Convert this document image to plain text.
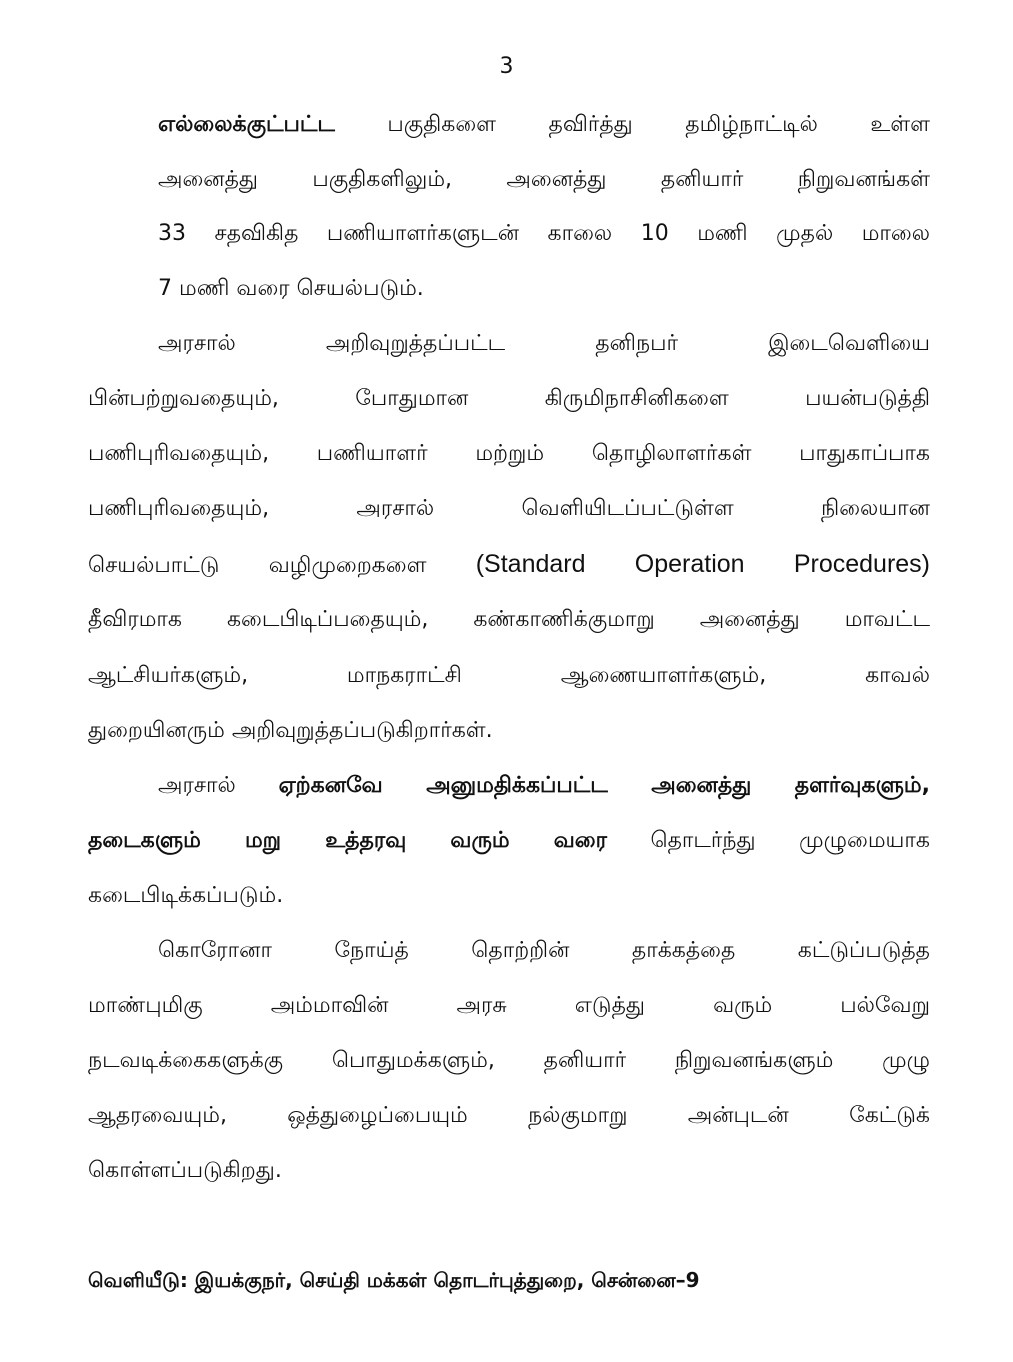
3
எல்லைக்குட்பட்ட பகுதிகளை தவிர்த்து தமிழ்நாட்டில் உள்ள
அனைத்து பகுதிகளிலும், அனைத்து தனியார் நிறுவனங்கள்
33 சதவிகித பணியாளர்களுடன் காலை 10 மணி முதல் மாலை
7 மணி வரை செயல்படும்.
அரசால் அறிவுறுத்தப்பட்ட தனிநபர் இடைவெளியை
பின்பற்றுவதையும், போதுமான கிருமிநாசினிகளை பயன்படுத்தி
பணிபுரிவதையும், பணியாளர் மற்றும் தொழிலாளர்கள் பாதுகாப்பாக
பணிபுரிவதையும், அரசால் வெளியிடப்பட்டுள்ள நிலையான
செயல்பாட்டு வழிமுறைகளை (Standard Operation Procedures)
தீவிரமாக கடைபிடிப்பதையும், கண்காணிக்குமாறு அனைத்து மாவட்ட
ஆட்சியர்களும், மாநகராட்சி ஆணையாளர்களும், காவல்
துறையினரும் அறிவுறுத்தப்படுகிறார்கள்.
அரசால் ஏற்கனவே அனுமதிக்கப்பட்ட அனைத்து தளர்வுகளும்,
தடைகளும் மறு உத்தரவு வரும் வரை தொடர்ந்து முழுமையாக
கடைபிடிக்கப்படும்.
கொரோனா நோய்த் தொற்றின் தாக்கத்தை கட்டுப்படுத்த
மாண்புமிகு அம்மாவின் அரசு எடுத்து வரும் பல்வேறு
நடவடிக்கைகளுக்கு பொதுமக்களும், தனியார் நிறுவனங்களும் முழு
ஆதரவையும், ஒத்துழைப்பையும் நல்குமாறு அன்புடன் கேட்டுக்
கொள்ளப்படுகிறது.
வெளியீடு: இயக்குநர், செய்தி மக்கள் தொடர்புத்துறை, சென்னை–9
